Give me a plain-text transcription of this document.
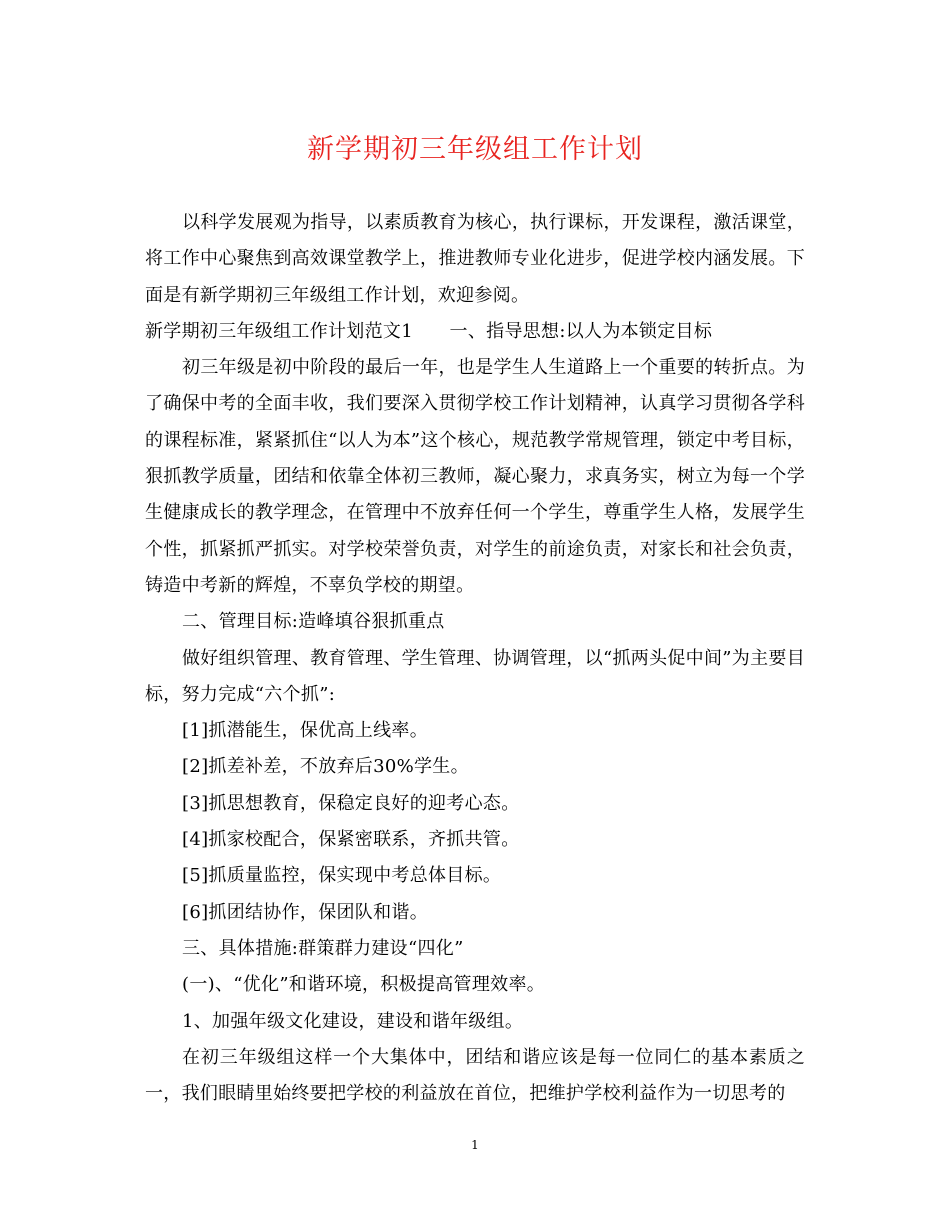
新学期初三年级组工作计划

以科学发展观为指导，以素质教育为核心，执行课标，开发课程，激活课堂，将工作中心聚焦到高效课堂教学上，推进教师专业化进步，促进学校内涵发展。下面是有新学期初三年级组工作计划，欢迎参阅。

新学期初三年级组工作计划范文1　　一、指导思想:以人为本锁定目标

初三年级是初中阶段的最后一年，也是学生人生道路上一个重要的转折点。为了确保中考的全面丰收，我们要深入贯彻学校工作计划精神，认真学习贯彻各学科的课程标准，紧紧抓住“以人为本”这个核心，规范教学常规管理，锁定中考目标，狠抓教学质量，团结和依靠全体初三教师，凝心聚力，求真务实，树立为每一个学生健康成长的教学理念，在管理中不放弃任何一个学生，尊重学生人格，发展学生个性，抓紧抓严抓实。对学校荣誉负责，对学生的前途负责，对家长和社会负责，铸造中考新的辉煌，不辜负学校的期望。

二、管理目标:造峰填谷狠抓重点

做好组织管理、教育管理、学生管理、协调管理，以“抓两头促中间”为主要目标，努力完成“六个抓”:

[1]抓潜能生，保优高上线率。

[2]抓差补差，不放弃后30%学生。

[3]抓思想教育，保稳定良好的迎考心态。

[4]抓家校配合，保紧密联系，齐抓共管。

[5]抓质量监控，保实现中考总体目标。

[6]抓团结协作，保团队和谐。

三、具体措施:群策群力建设“四化”

(一)、“优化”和谐环境，积极提高管理效率。

1、加强年级文化建设，建设和谐年级组。

在初三年级组这样一个大集体中，团结和谐应该是每一位同仁的基本素质之一，我们眼睛里始终要把学校的利益放在首位，把维护学校利益作为一切思考的

1
